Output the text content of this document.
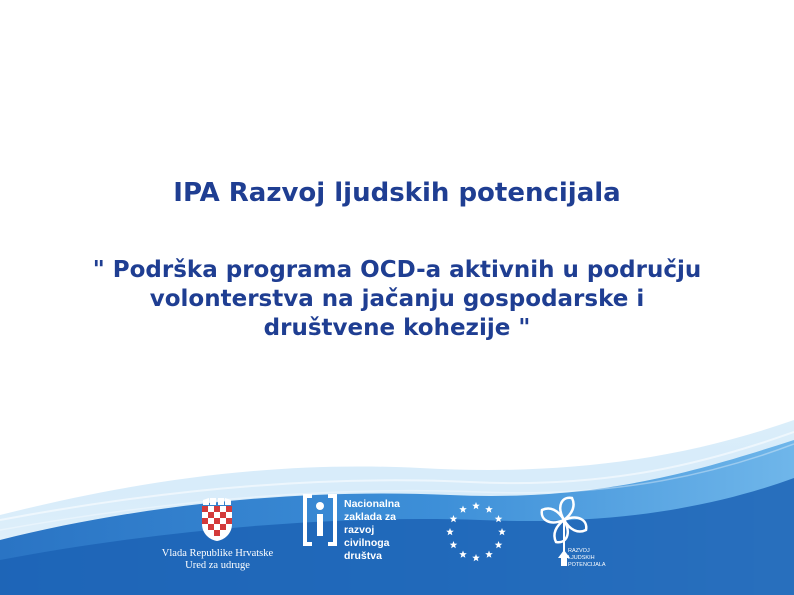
IPA Razvoj ljudskih potencijala
" Podrška programa OCD-a aktivnih u području
volonterstva na jačanju gospodarske i
društvene kohezije "
Vlada Republike Hrvatske
Ured za udruge
Nacionalna
zaklada za
razvoj
civilnoga
društva	RAZVOJ
LJUDSKIH
POTENCIJALA
